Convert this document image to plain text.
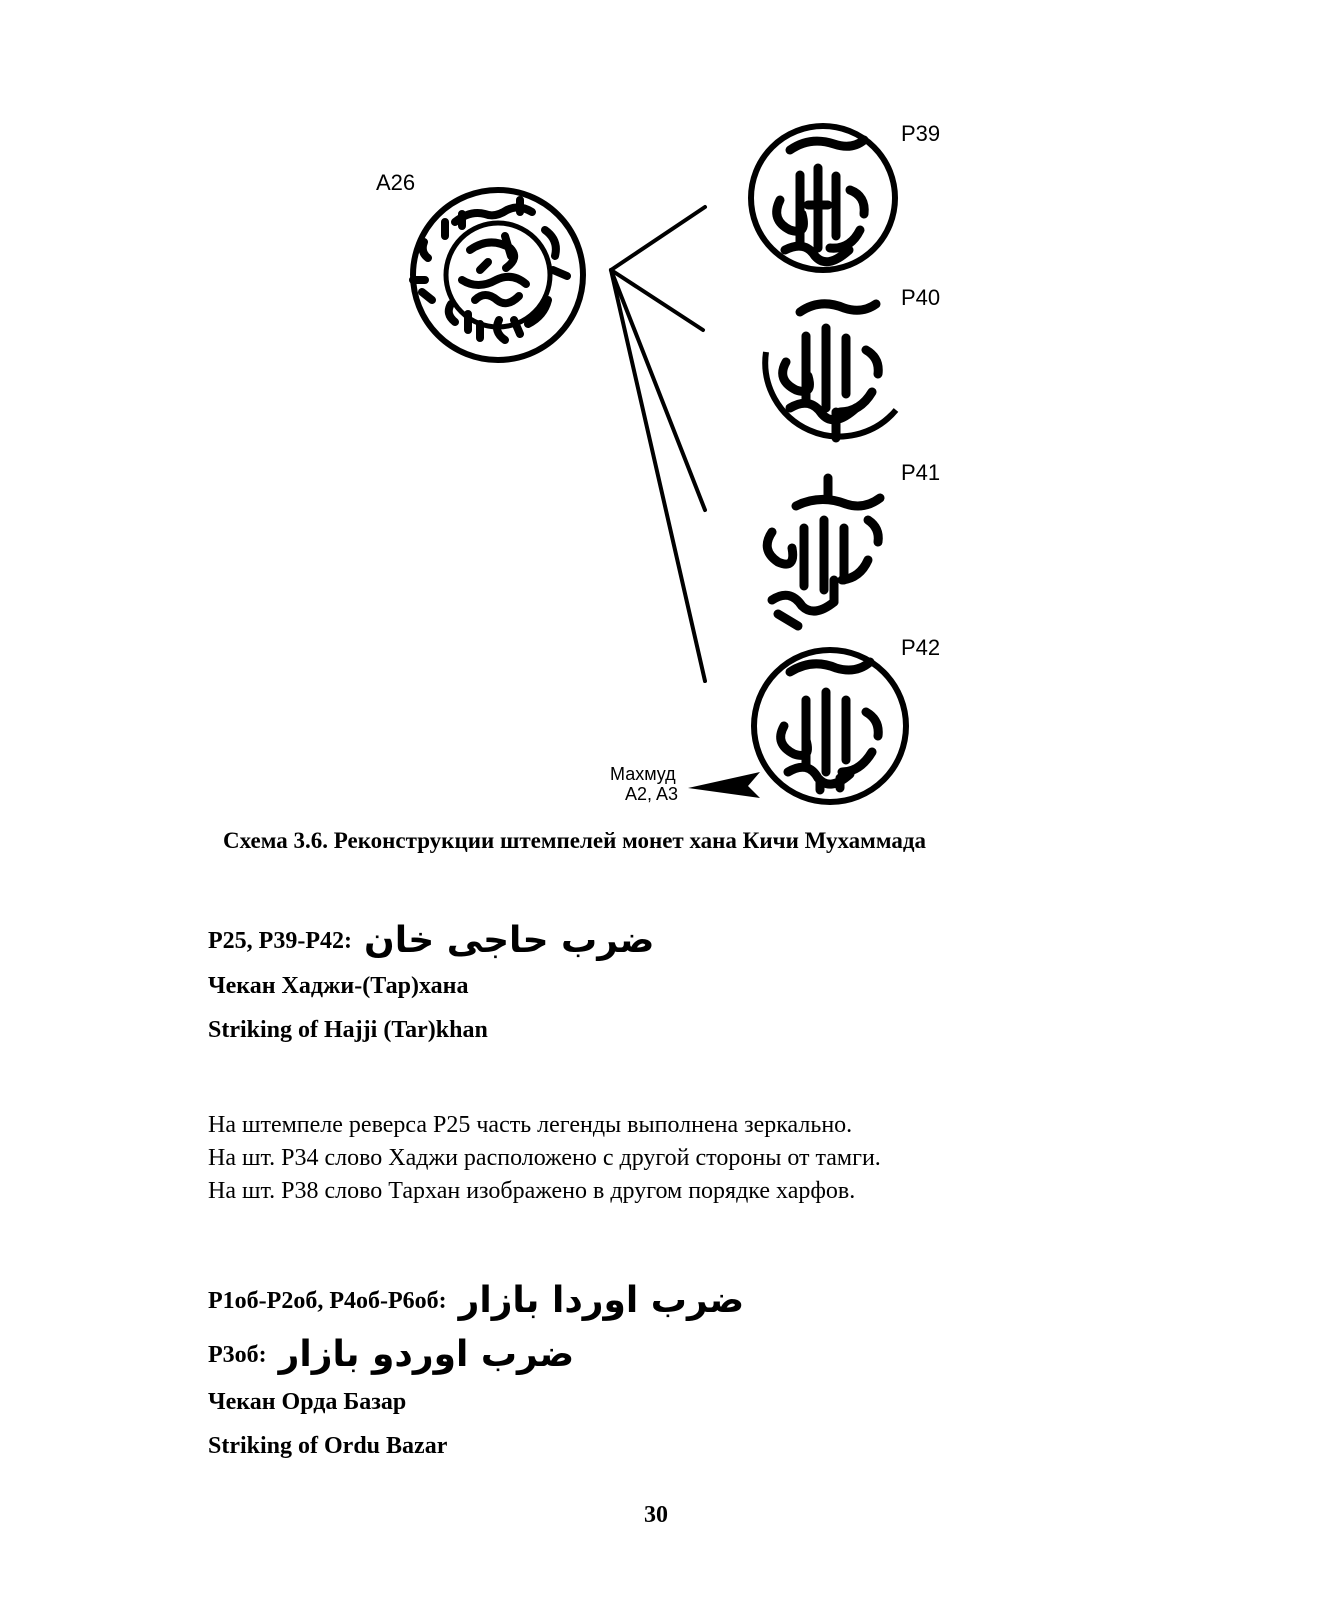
A26
P39
P40
P41
P42
Махмуд
A2, A3
Схема 3.6. Реконструкции штемпелей монет хана Кичи Мухаммада
P25, P39-P42: ضرب حاجی خان
Чекан Хаджи-(Тар)хана
Striking of Hajji (Tar)khan
На штемпеле реверса P25 часть легенды выполнена зеркально.
На шт. P34 слово Хаджи расположено с другой стороны от тамги.
На шт. P38 слово Тархан изображено в другом порядке харфов.
P1об-P2об, P4об-P6об: ضرب اوردا بازار
P3об: ضرب اوردو بازار
Чекан Орда Базар
Striking of Ordu Bazar
30
